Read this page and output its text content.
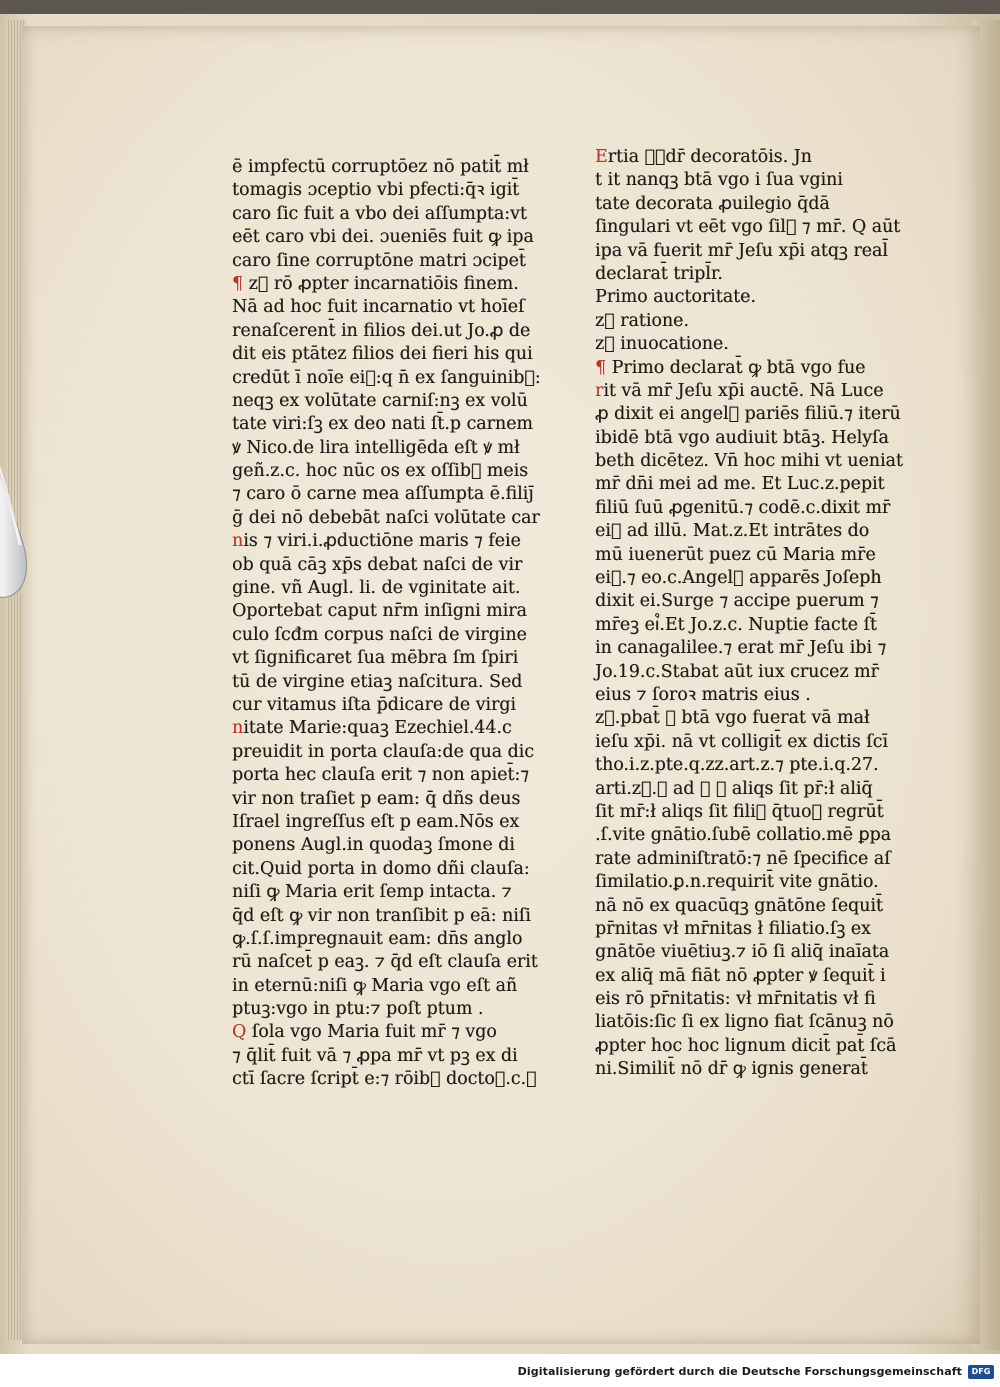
ē impfectū corruptōez nō patit̄ mł
tomagis ɔceptio vbi pfecti:q̄ꝛ igit̄
caro ſic fuit a vbo dei aſſumpta:vt
eēt caro vbi dei. ɔueniēs fuit ꝙ ipa
caro ſine corruptōne matri ɔcipet̄
¶ z᷑ rō ꝓpter incarnatiōis finem.
Nā ad hoc fuit incarnatio vt hoīeſ
renaſcerent̄ in filios dei.ut Jo.ꝓ de
dit eis ptātez filios dei fieri his qui
credūt ī noīe ei᷒:q n̄ ex ſanguinib᷒:
neqꝫ ex volūtate carniſ:nꝫ ex volū
tate viri:ſꝫ ex deo nati ſt̄.p carnem
ꝟ Nico.de lira intelligēda eſt ꝟ mł
geñ.z.c. hoc nūc os ex oſſib᷒ meis
⁊ caro ō carne mea aſſumpta ē.filij̄
ḡ dei nō debebāt naſci volūtate car
nis ⁊ viri.i.ꝓductiōne maris ⁊ feie
ob quā cāꝫ xp̄s debat naſci de vir
gine. vñ Augl. li. de vginitate ait.
Oportebat caput nr̄m inſigni mira
culo ſcđm corpus naſci de virgine
vt ſignificaret ſua mēbra ſm ſpiri
tū de virgine etiaꝫ naſcitura. Sed
cur vitamus iſta p̄dicare de virgi
nitate Marie:quaꝫ Ezechiel.44.c
preuidit in porta clauſa:de qua dic
porta hec clauſa erit ⁊ non apiet̄:⁊
vir non traſiet p eam: q̄ dñs deus
Iſrael ingreſſus eſt p eam.Nōs ex
ponens Augl.in quodaꝫ ſmone di
cit.Quid porta in domo dñi clauſa:
niſi ꝙ Maria erit ſemp intacta. ⁊
q̄d eſt ꝙ vir non tranſibit p eā: niſi
ꝙ.ſ.ſ.impregnauit eam: dn̄s anglo
rū naſcet̄ p eaꝫ. ⁊ q̄d eſt clauſa erit
in eternū:niſi ꝙ Maria vgo eſt añ
ptuꝫ:vgo in ptu:⁊ poſt ptum .
Q ſola vgo Maria fuit mr̄ ⁊ vgo
⁊ q̄lit̄ fuit vā ⁊ ꝓpa mr̄ vt pꝫ ex di
ctī ſacre ſcript̄ e:⁊ rōib᷒ doctoꝝ.c.ꝫ
Ertia ꝓ᷒dr̄ decoratōis. Jn
t it nanqꝫ btā vgo i ſua vgini
tate decorata ꝓuilegio q̄dā
ſingulari vt eēt vgo ſil᷒ ⁊ mr̄. Q aūt
ipa vā fuerit mr̄ Jeſu xp̄i atqꝫ real̄
declarat̄ tripl̄r.
Primo auctoritate.
z᷒ ratione.
z᷒ inuocatione.
¶ Primo declarat̄ ꝙ btā vgo fue
rit vā mr̄ Jeſu xp̄i auctē. Nā Luce
ꝓ dixit ei angel᷒ pariēs filiū.⁊ iterū
ibidē btā vgo audiuit btāꝫ. Helyſa
beth dicētez. Vn̄ hoc mihi vt ueniat
mr̄ dn̄i mei ad me. Et Luc.z.pepit
filiū ſuū ꝓgenitū.⁊ codē.c.dixit mr̄
ei᷒ ad illū. Mat.z.Et intrātes do
mū iuenerūt puez cū Maria mr̄e
ei᷒.⁊ eo.c.Angel᷒ apparēs Joſeph
dixit ei.Surge ⁊ accipe puerum ⁊
mr̄eꝫ ei᷒.Et Jo.z.c. Nuptie facte ſt̄
in canagalilee.⁊ erat mr̄ Jeſu ibi ⁊
Jo.19.c.Stabat aūt iux crucez mr̄
eius ⁊ ſoroꝛ matris eius .
z᷒.pbat̄ ꝙ btā vgo fuerat vā mał
ieſu xp̄i. nā vt colligit̄ ex dictis ſcī
tho.i.z.pte.q.zz.art.z.⁊ pte.i.q.27.
arti.z᷒.ꝙ ad ꝟ ꝙ aliqs ſit pr̄:ł aliq̄
ſit mr̄:ł aliqs ſit fili᷒ q̄tuoꝛ regrūt̄
.ſ.vite gnātio.ſubē collatio.mē ꝑpa
rate adminiſtratō:⁊ nē ſpecifice aſ
ſimilatio.ꝑ.n.requirit̄ vite gnātio.
nā nō ex quacūqꝫ gnātōne ſequit̄
pr̄nitas vł mr̄nitas ł filiatio.ſꝫ ex
gnātōe viuētiuꝫ.⁊ iō ſi aliq̄ inaīata
ex aliq̄ mā fiāt nō ꝓpter ꝟ ſequit̄ i
eis rō pr̄nitatis: vł mr̄nitatis vł fi
liatōis:ſic ſi ex ligno fiat ſcānuꝫ nō
ꝓpter hoc hoc lignum dicit̄ pat̄ ſcā
ni.Similit̄ nō dr̄ ꝙ ignis generat̄
Digitalisierung gefördert durch die Deutsche Forschungsgemeinschaft	DFG
